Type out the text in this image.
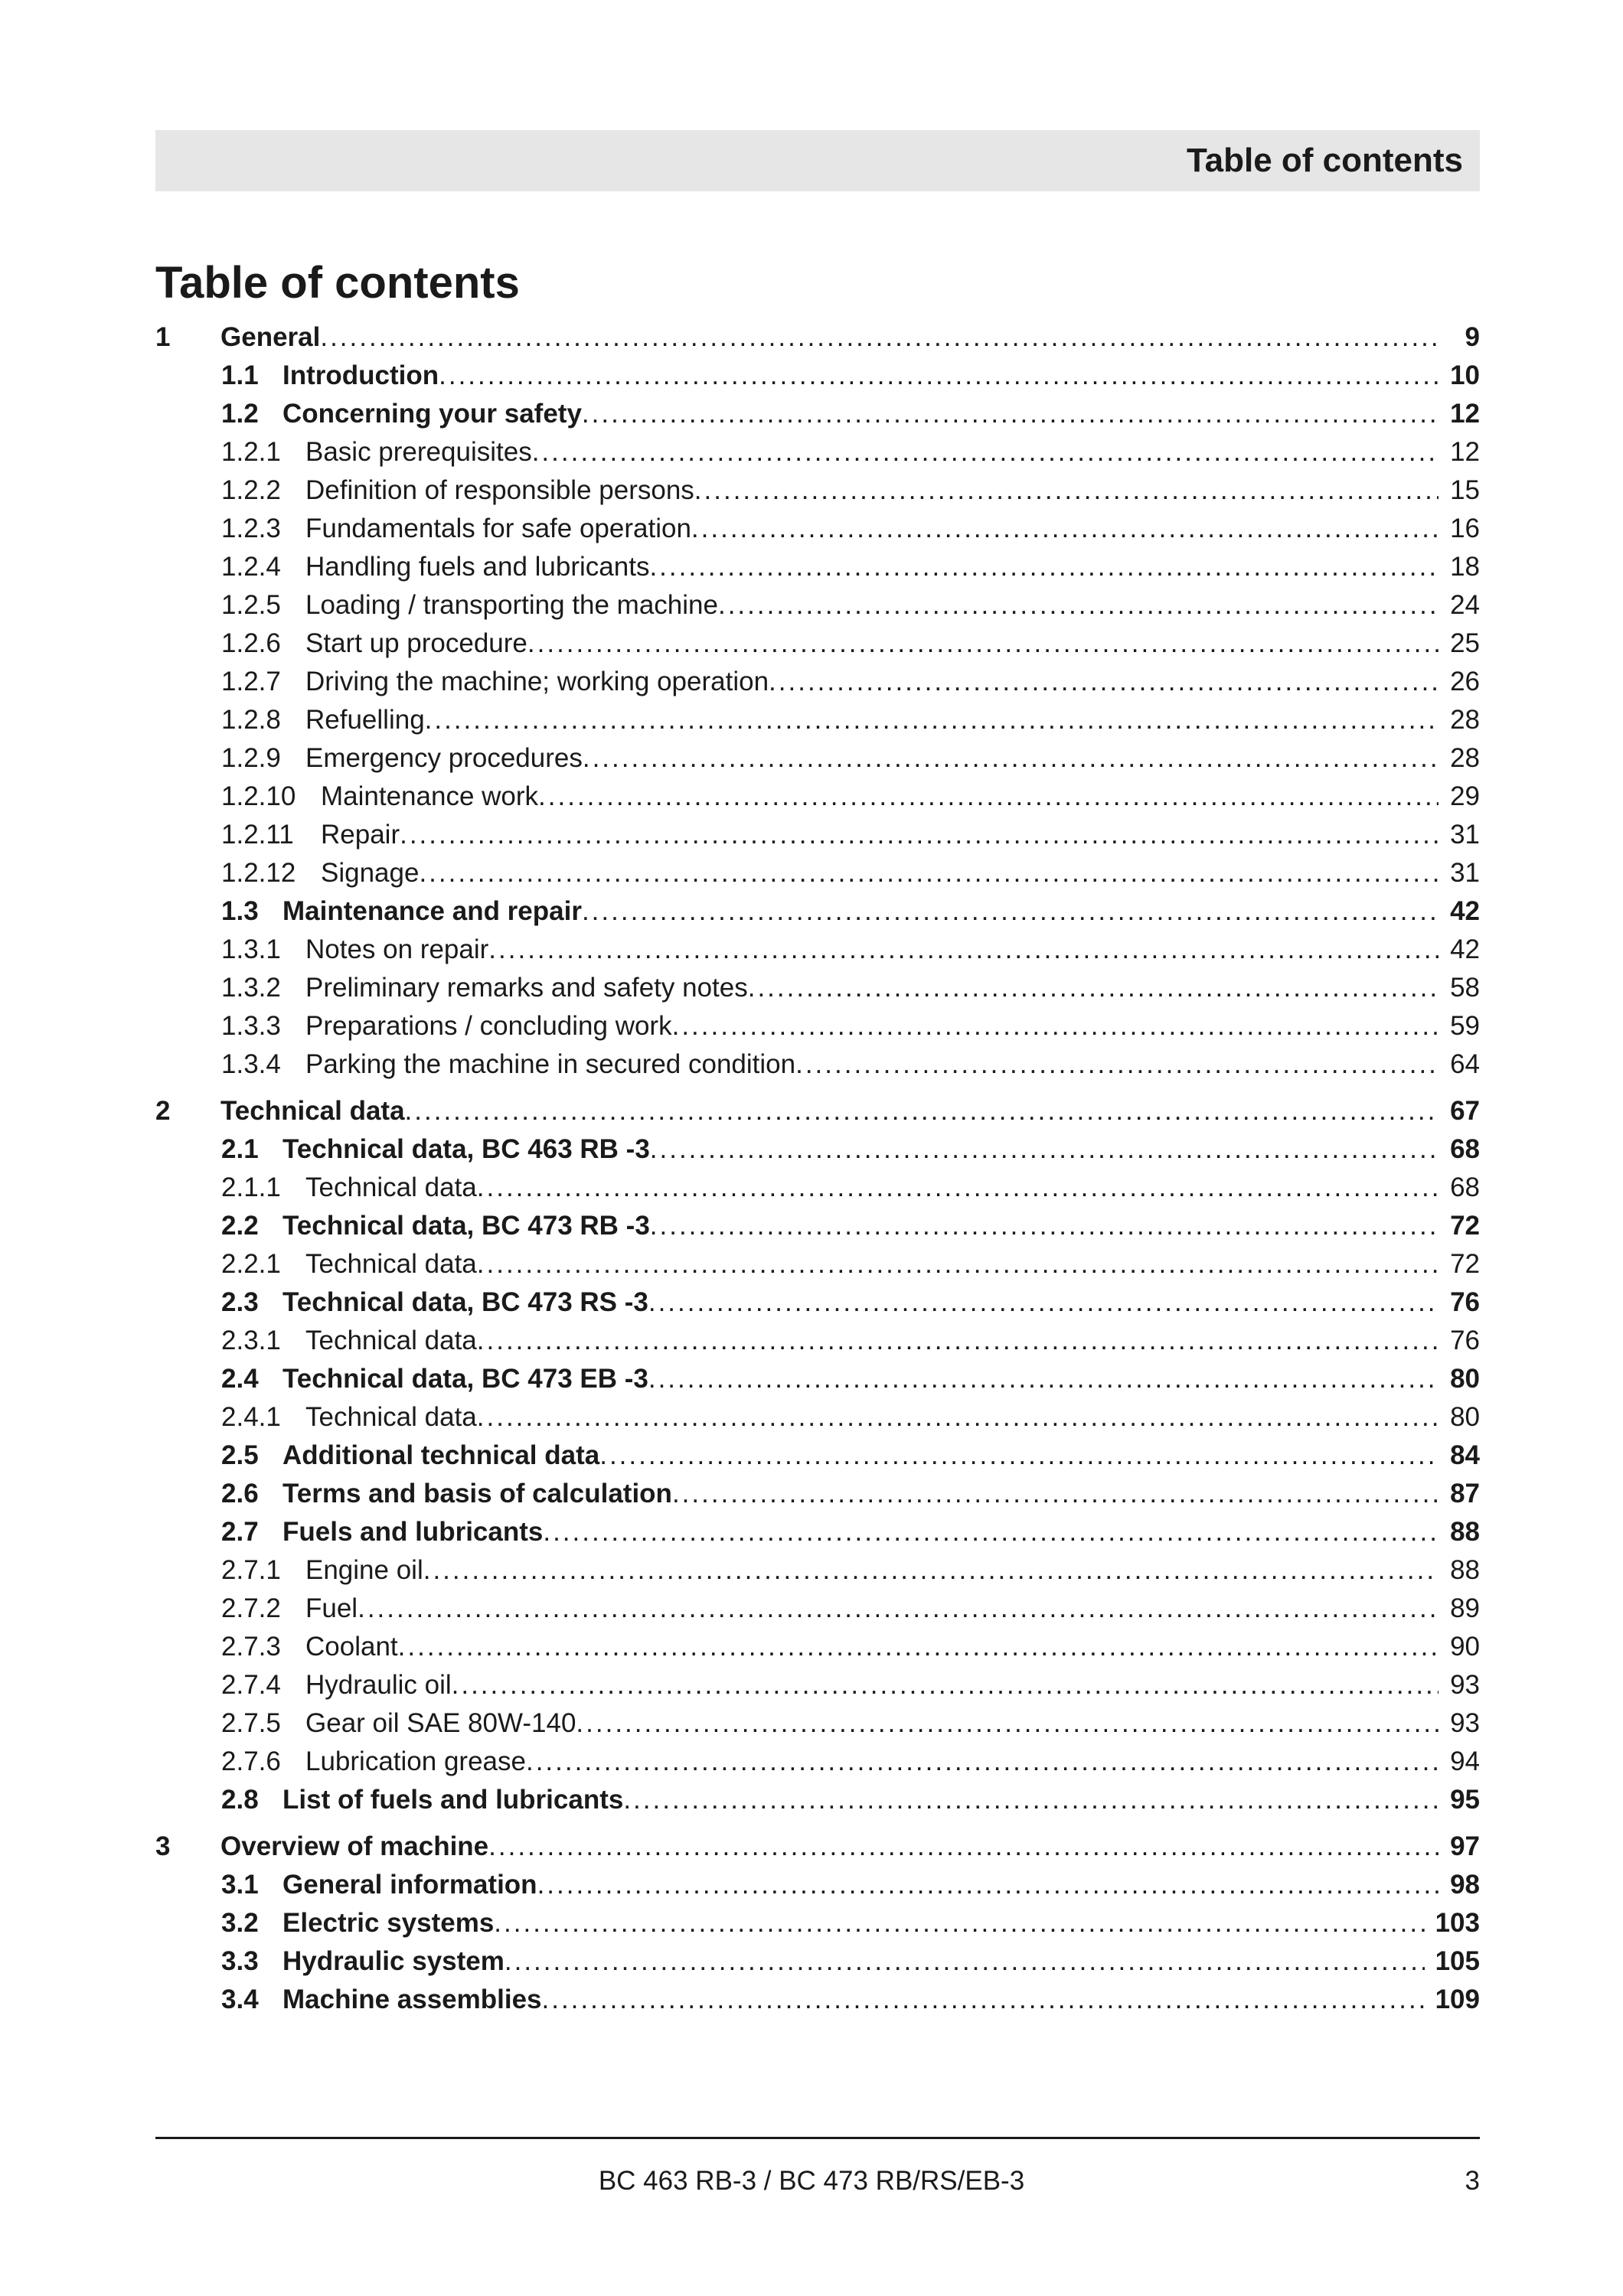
Table of contents
Table of contents
1	General .....	9
1.1 Introduction .....	10
1.2 Concerning your safety .....	12
1.2.1 Basic prerequisites .....	12
1.2.2 Definition of responsible persons .....	15
1.2.3 Fundamentals for safe operation .....	16
1.2.4 Handling fuels and lubricants .....	18
1.2.5 Loading / transporting the machine .....	24
1.2.6 Start up procedure .....	25
1.2.7 Driving the machine; working operation .....	26
1.2.8 Refuelling .....	28
1.2.9 Emergency procedures .....	28
1.2.10 Maintenance work .....	29
1.2.11	Repair .....	31
1.2.12 Signage .....	31
1.3 Maintenance and repair .....	42
1.3.1 Notes on repair .....	42
1.3.2 Preliminary remarks and safety notes .....	58
1.3.3 Preparations / concluding work .....	59
1.3.4 Parking the machine in secured condition .....	64
2	Technical data .....	67
2.1 Technical data, BC 463 RB -3 .....	68
2.1.1 Technical data .....	68
2.2 Technical data, BC 473 RB -3 .....	72
2.2.1 Technical data .....	72
2.3 Technical data, BC 473 RS -3 .....	76
2.3.1 Technical data .....	76
2.4 Technical data, BC 473 EB -3 .....	80
2.4.1 Technical data .....	80
2.5 Additional technical data .....	84
2.6 Terms and basis of calculation .....	87
2.7 Fuels and lubricants .....	88
2.7.1 Engine oil .....	88
2.7.2 Fuel .....	89
2.7.3 Coolant .....	90
2.7.4 Hydraulic oil .....	93
2.7.5 Gear oil SAE 80W-140 .....	93
2.7.6 Lubrication grease .....	94
2.8 List of fuels and lubricants .....	95
3	Overview of machine .....	97
3.1 General information .....	98
3.2 Electric systems .....	103
3.3 Hydraulic system .....	105
3.4 Machine assemblies .....	109
BC 463 RB-3 / BC 473 RB/RS/EB-3	3
